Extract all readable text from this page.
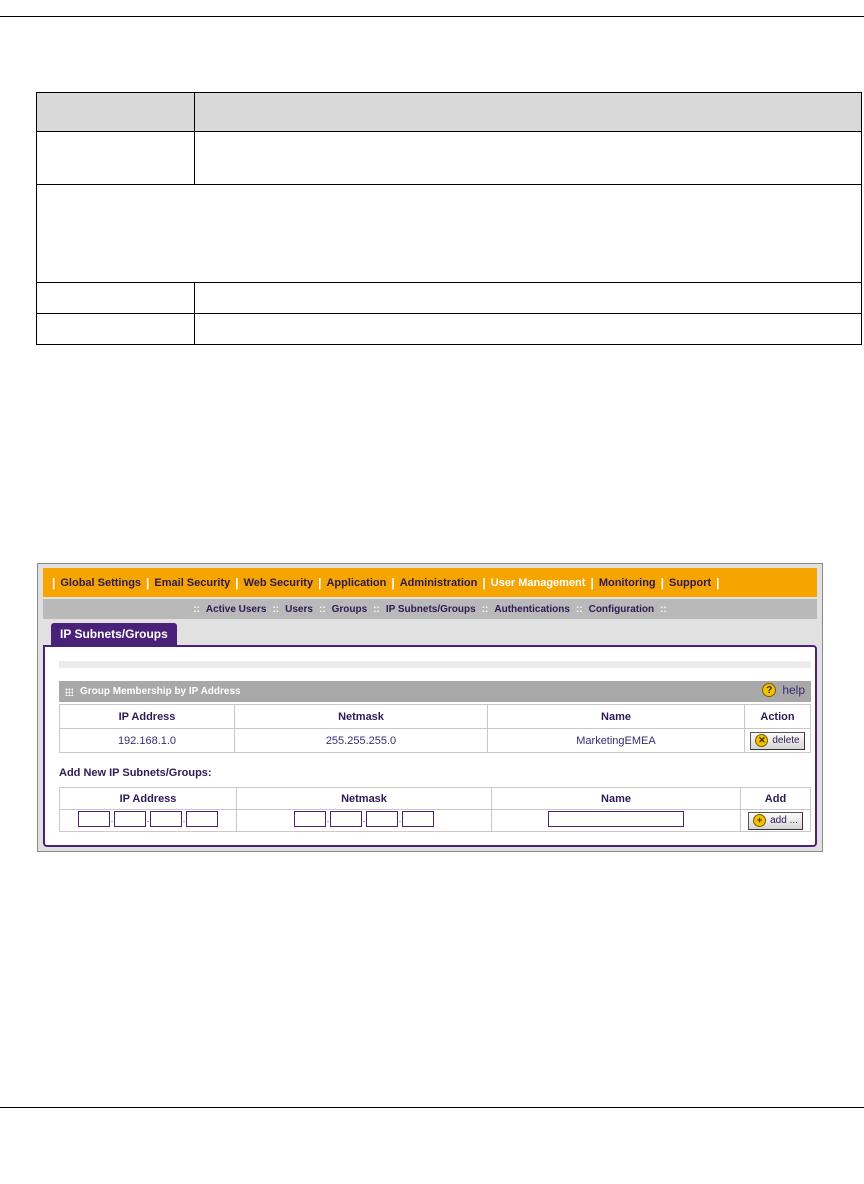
| Global Settings | Email Security | Web Security | Application | Administration | User Management | Monitoring | Support |
:: Active Users :: Users :: Groups :: IP Subnets/Groups :: Authentications :: Configuration ::
IP Subnets/Groups
Group Membership by IP Address	? help
IP Address	Netmask	Name	Action
192.168.1.0	255.255.255.0	MarketingEMEA	✕ delete
Add New IP Subnets/Groups:
IP Address	Netmask	Name	Add

. . .	. . .		+ add ...
